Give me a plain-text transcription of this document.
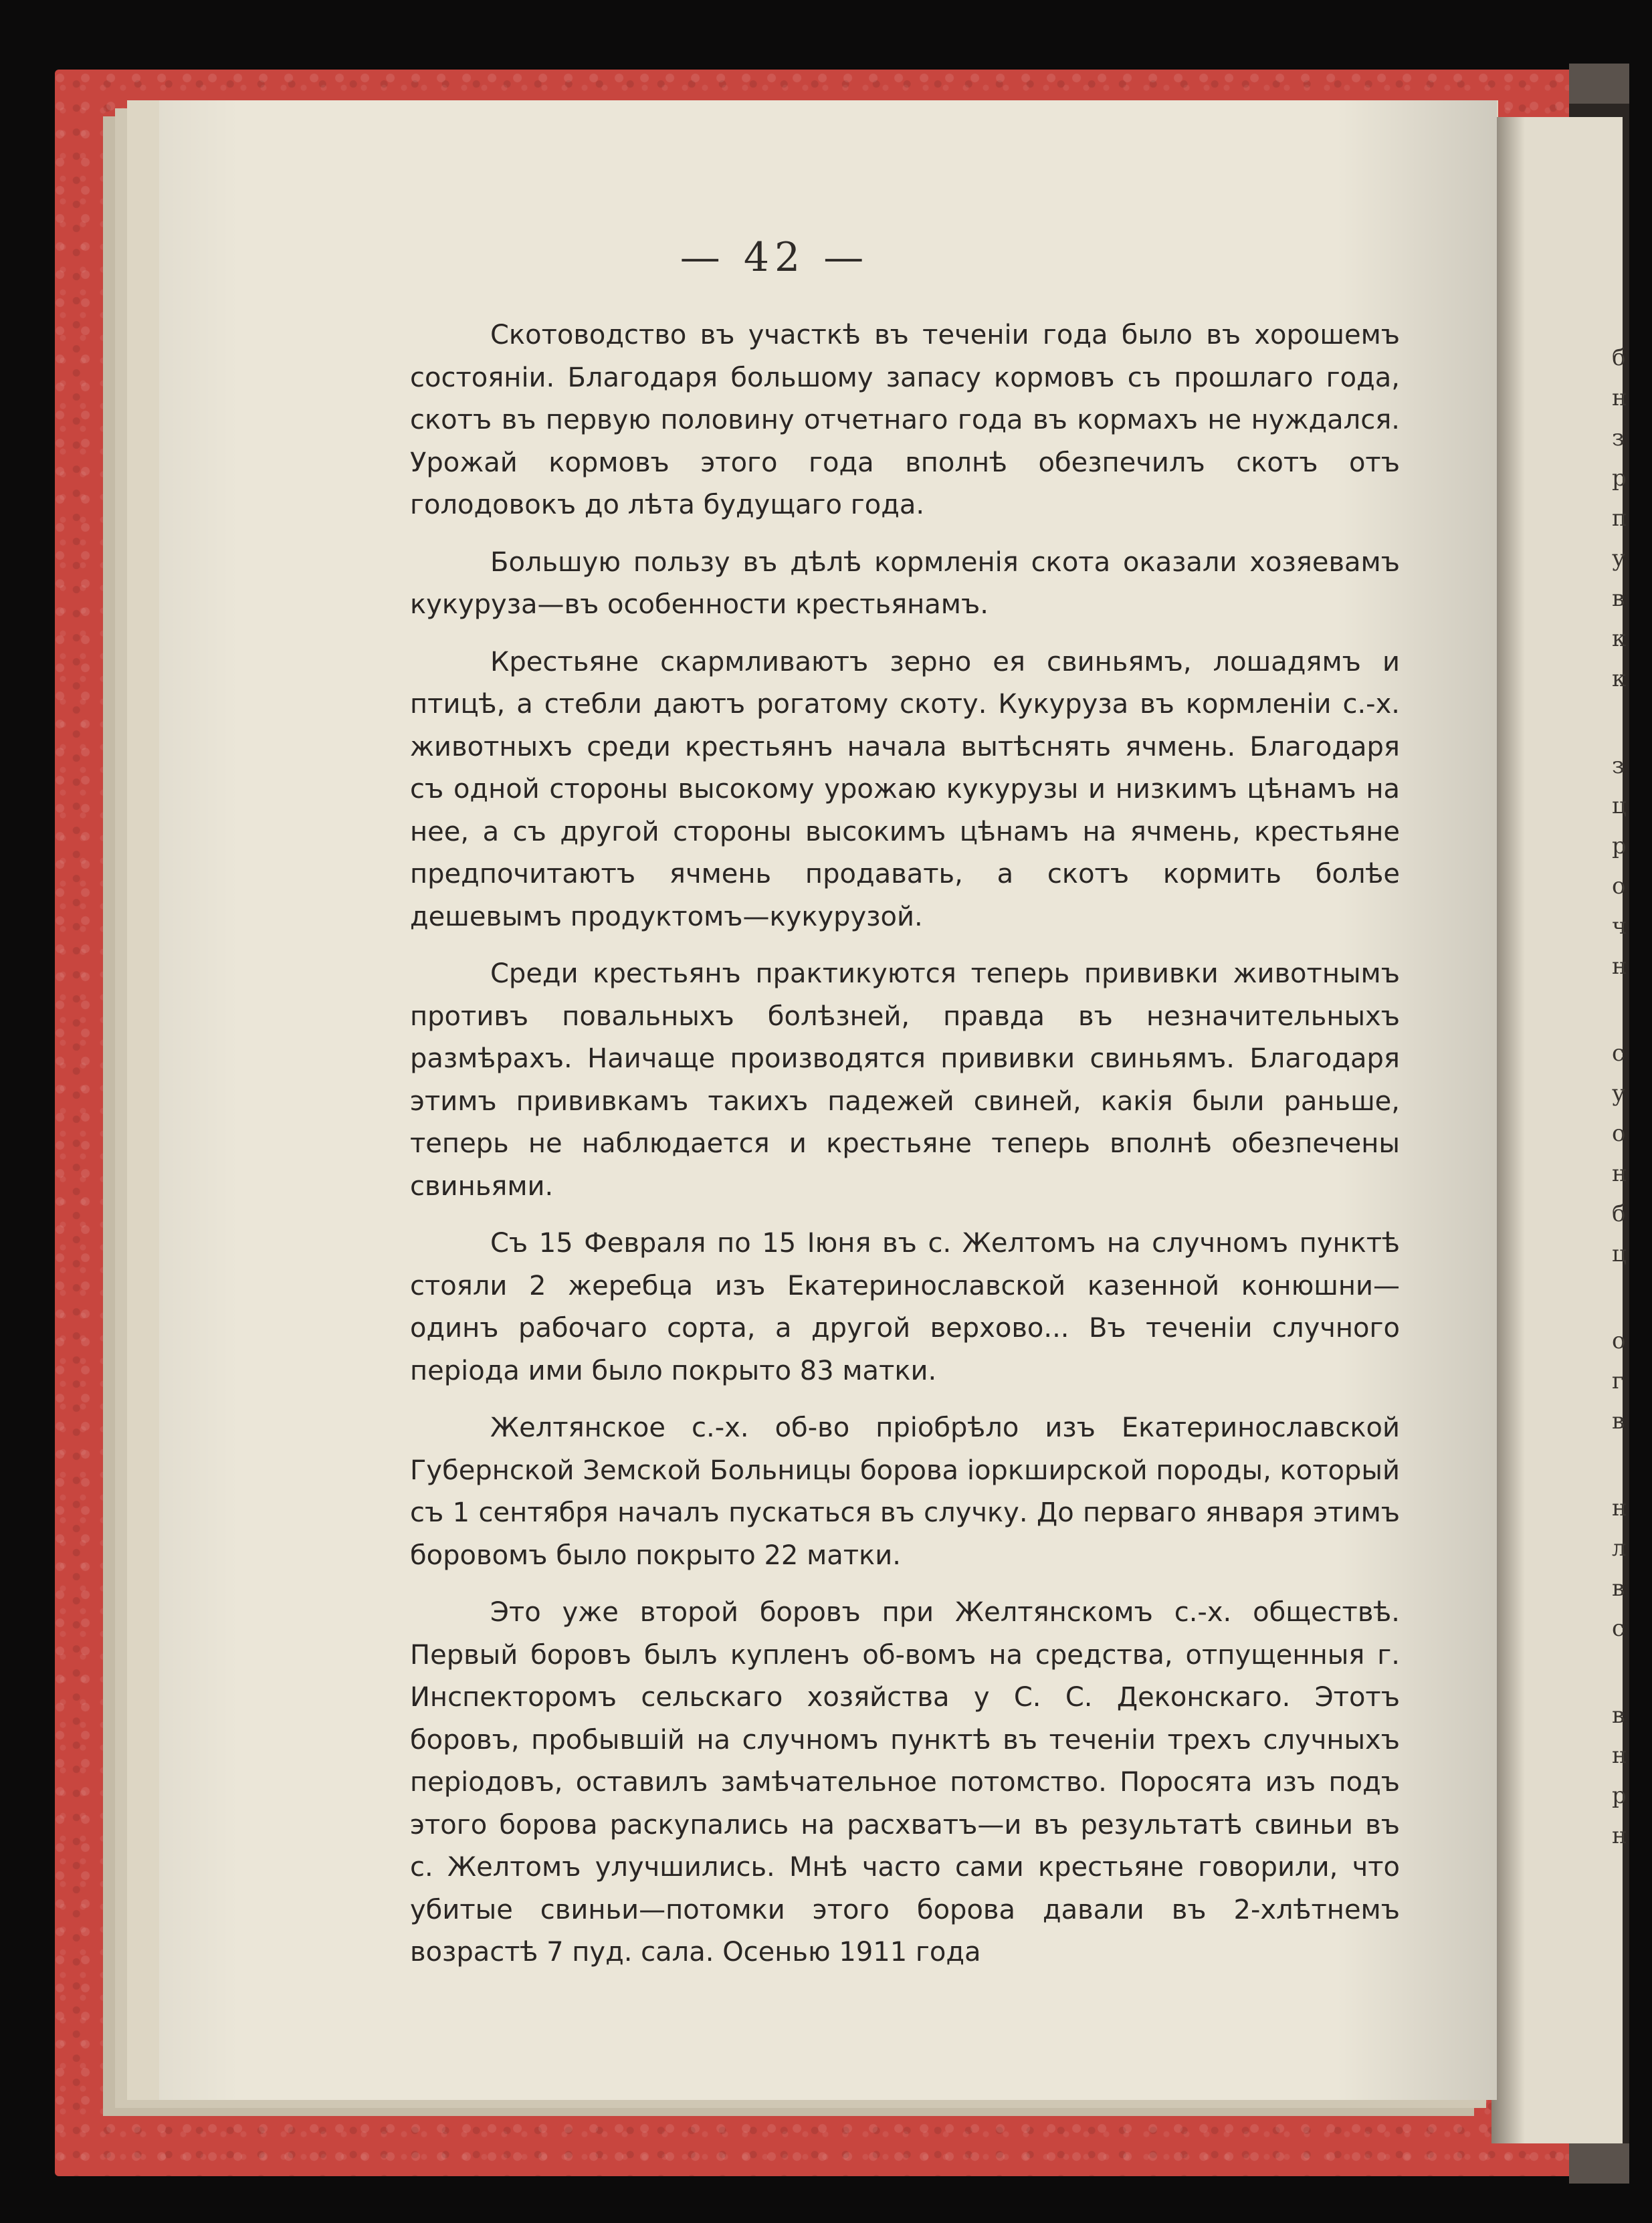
б
н
з
р
п
у
в
к
к
з
ц
р
о
ч
н
с
у
о
н
б
ц
о
г
в
н
л
в
с
в
н
р
н
— 42 —

Скотоводство въ участкѣ въ теченіи года было въ хорошемъ состояніи. Благодаря большому запасу кормовъ съ прошлаго года, скотъ въ первую половину отчетнаго года въ кормахъ не нуждался. Урожай кормовъ этого года вполнѣ обезпечилъ скотъ отъ голодовокъ до лѣта будущаго года.

Большую пользу въ дѣлѣ кормленія скота оказали хозяевамъ кукуруза—въ особенности крестьянамъ.

Крестьяне скармливаютъ зерно ея свиньямъ, лошадямъ и птицѣ, а стебли даютъ рогатому скоту. Кукуруза въ кормленіи с.-х. животныхъ среди крестьянъ начала вытѣснять ячмень. Благодаря съ одной стороны высокому урожаю кукурузы и низкимъ цѣнамъ на нее, а съ другой стороны высокимъ цѣнамъ на ячмень, крестьяне предпочитаютъ ячмень продавать, а скотъ кормить болѣе дешевымъ продуктомъ—кукурузой.

Среди крестьянъ практикуются теперь прививки животнымъ противъ повальныхъ болѣзней, правда въ незначительныхъ размѣрахъ. Наичаще производятся прививки свиньямъ. Благодаря этимъ прививкамъ такихъ падежей свиней, какія были раньше, теперь не наблюдается и крестьяне теперь вполнѣ обезпечены свиньями.

Съ 15 Февраля по 15 Іюня въ с. Желтомъ на случномъ пунктѣ стояли 2 жеребца изъ Екатеринославской казенной конюшни—одинъ рабочаго сорта, а другой верхово... Въ теченіи случного періода ими было покрыто 83 матки.

Желтянское с.-х. об-во пріобрѣло изъ Екатеринославской Губернской Земской Больницы борова іоркширской породы, который съ 1 сентября началъ пускаться въ случку. До перваго января этимъ боровомъ было покрыто 22 матки.

Это уже второй боровъ при Желтянскомъ с.-х. обществѣ. Первый боровъ былъ купленъ об-вомъ на средства, отпущенныя г. Инспекторомъ сельскаго хозяйства у С. С. Деконскаго. Этотъ боровъ, пробывшій на случномъ пунктѣ въ теченіи трехъ случныхъ періодовъ, оставилъ замѣчательное потомство. Поросята изъ подъ этого борова раскупались на расхватъ—и въ результатѣ свиньи въ с. Желтомъ улучшились. Мнѣ часто сами крестьяне говорили, что убитые свиньи—потомки этого борова давали въ 2-хлѣтнемъ возрастѣ 7 пуд. сала. Осенью 1911 года
